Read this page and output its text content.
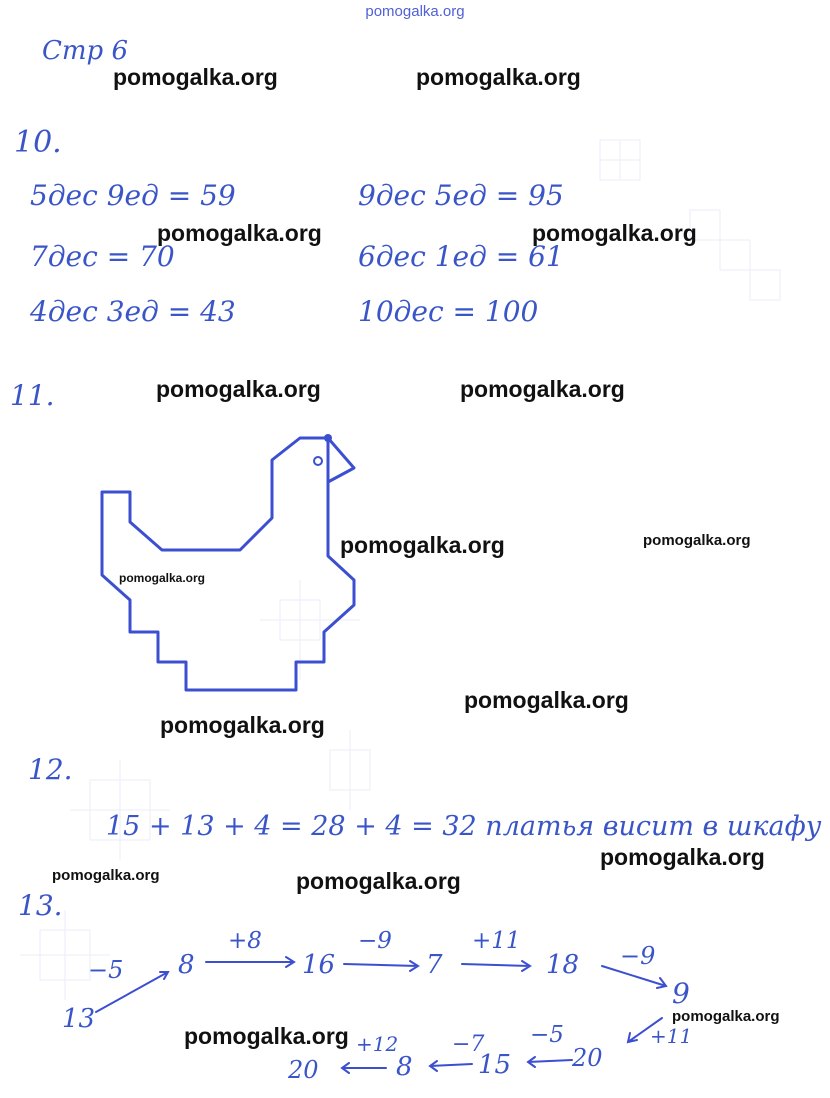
pomogalka.org
Стр 6
10.
5дес 9ед = 59
7дес = 70
4дес 3ед = 43
9дес 5ед = 95
6дес 1ед = 61
10дес = 100
11.
12.
15 + 13 + 4 = 28 + 4 = 32 платья висит в шкафу
13.
13
−5 8
+8
16
−9
7
+11
18 −9
9
+11
20
−5
15
−7
8
+12
20
pomogalka.org	pomogalka.org
pomogalka.org	pomogalka.org
pomogalka.org	pomogalka.org
pomogalka.org	pomogalka.org
pomogalka.org
pomogalka.org
pomogalka.org
pomogalka.org
pomogalka.org	pomogalka.org
pomogalka.org
pomogalka.org
